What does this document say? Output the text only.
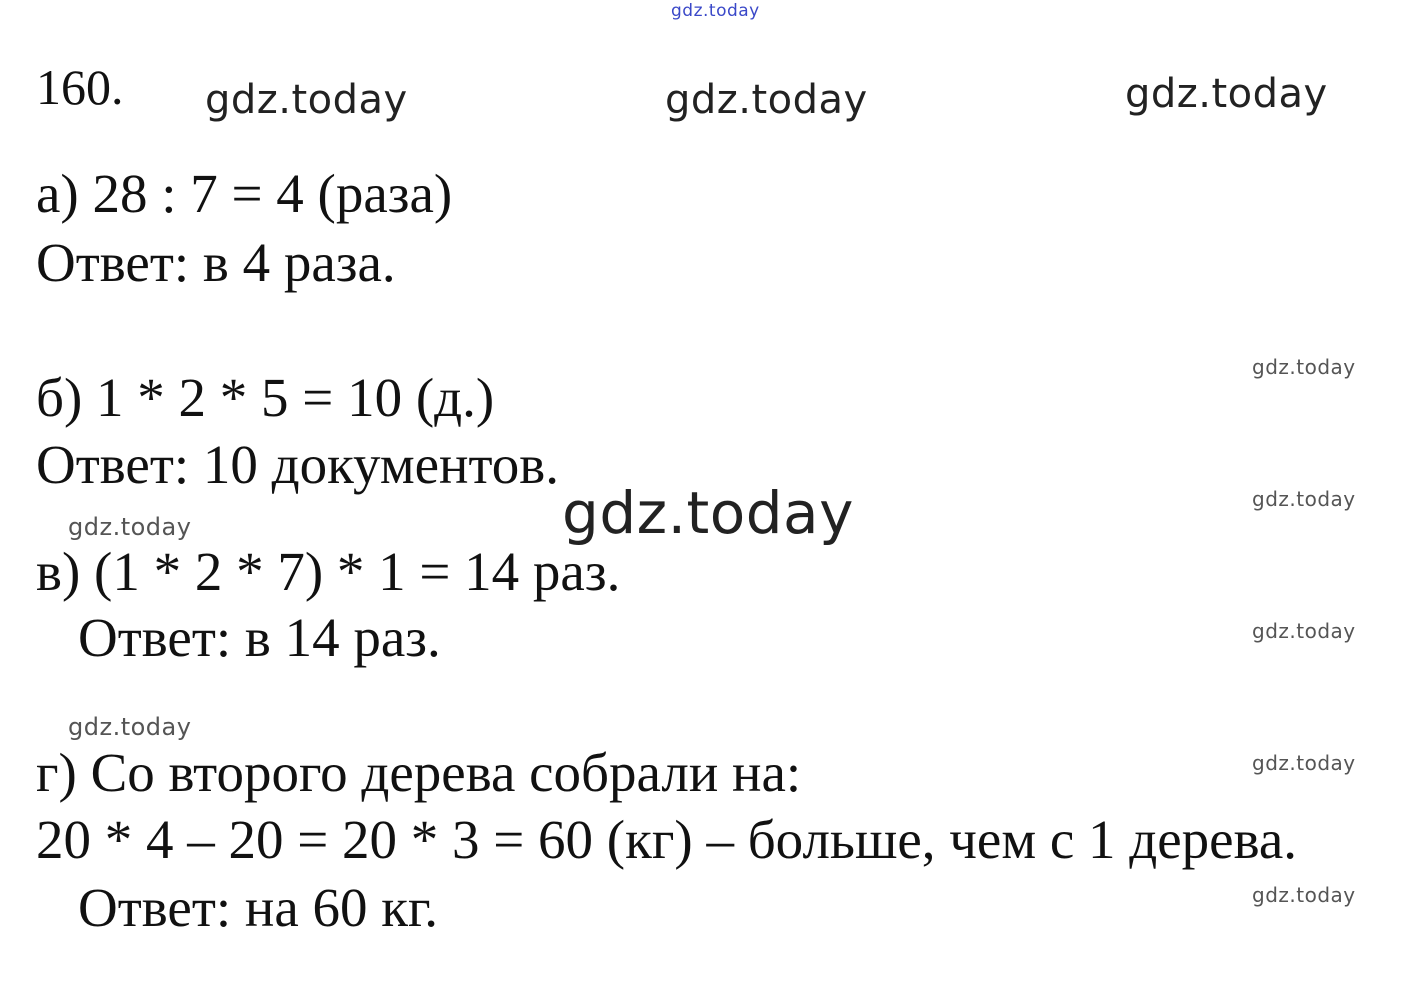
gdz.today
gdz.today	gdz.today	gdz.today
gdz.today
gdz.today
gdz.today
gdz.today
gdz.today
gdz.today
gdz.today
gdz.today
160.
а) 28 : 7 = 4 (раза)
Ответ: в 4 раза.
б) 1 * 2 * 5 = 10 (д.)
Ответ: 10 документов.
в) (1 * 2 * 7) * 1 = 14 раз.
Ответ: в 14 раз.
г) Со второго дерева собрали на:
20 * 4 – 20 = 20 * 3 = 60 (кг) – больше, чем с 1 дерева.
Ответ: на 60 кг.
